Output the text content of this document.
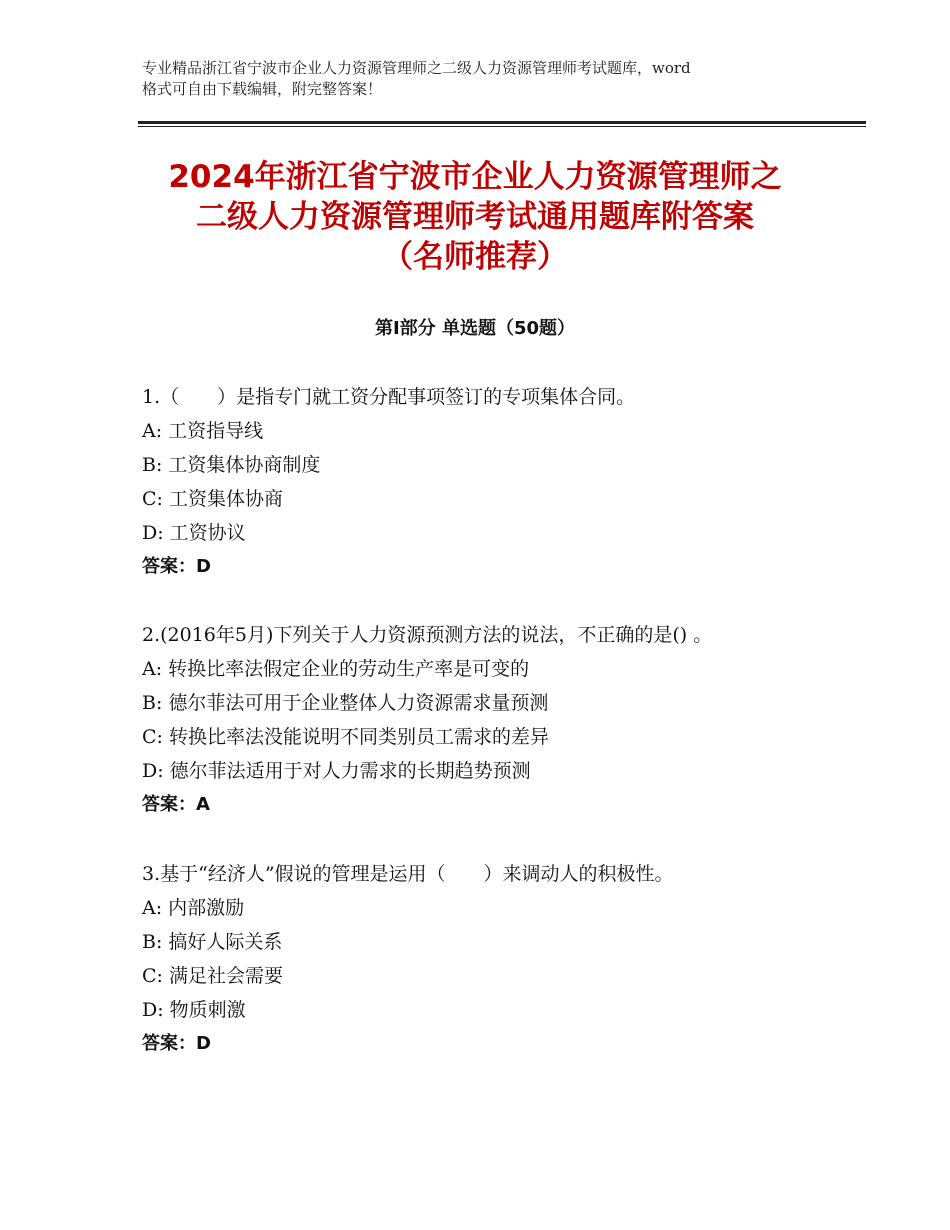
专业精品浙江省宁波市企业人力资源管理师之二级人力资源管理师考试题库，word
格式可自由下载编辑，附完整答案！
2024年浙江省宁波市企业人力资源管理师之
二级人力资源管理师考试通用题库附答案
（名师推荐）
第Ⅰ部分 单选题（50题）
1.（　　）是指专门就工资分配事项签订的专项集体合同。
A: 工资指导线
B: 工资集体协商制度
C: 工资集体协商
D: 工资协议
答案：D
2.(2016年5月)下列关于人力资源预测方法的说法，不正确的是() 。
A: 转换比率法假定企业的劳动生产率是可变的
B: 德尔菲法可用于企业整体人力资源需求量预测
C: 转换比率法没能说明不同类别员工需求的差异
D: 德尔菲法适用于对人力需求的长期趋势预测
答案：A
3.基于“经济人”假说的管理是运用（　　）来调动人的积极性。
A: 内部激励
B: 搞好人际关系
C: 满足社会需要
D: 物质刺激
答案：D
